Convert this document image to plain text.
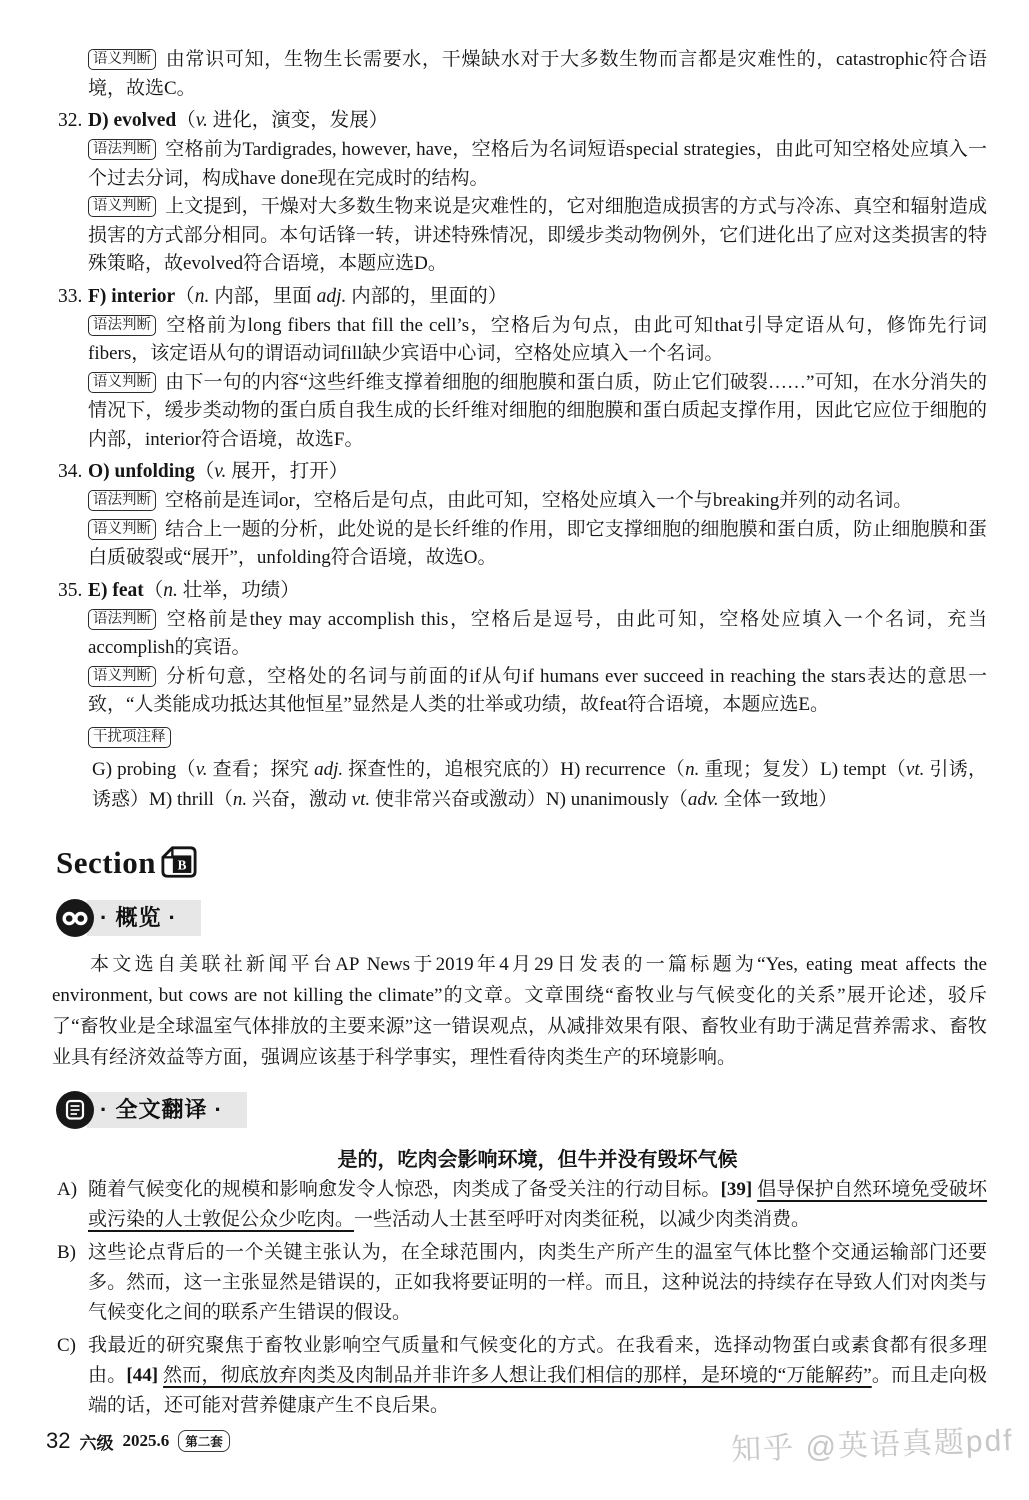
语义判断 由常识可知，生物生长需要水，干燥缺水对于大多数生物而言都是灾难性的，catastrophic符合语境，故选C。

32. D) evolved（v. 进化，演变，发展）

语法判断 空格前为Tardigrades, however, have，空格后为名词短语special strategies，由此可知空格处应填入一个过去分词，构成have done现在完成时的结构。

语义判断 上文提到，干燥对大多数生物来说是灾难性的，它对细胞造成损害的方式与冷冻、真空和辐射造成损害的方式部分相同。本句话锋一转，讲述特殊情况，即缓步类动物例外，它们进化出了应对这类损害的特殊策略，故evolved符合语境，本题应选D。

33. F) interior（n. 内部，里面 adj. 内部的，里面的）

语法判断 空格前为long fibers that fill the cell’s，空格后为句点，由此可知that引导定语从句，修饰先行词fibers，该定语从句的谓语动词fill缺少宾语中心词，空格处应填入一个名词。

语义判断 由下一句的内容“这些纤维支撑着细胞的细胞膜和蛋白质，防止它们破裂……”可知，在水分消失的情况下，缓步类动物的蛋白质自我生成的长纤维对细胞的细胞膜和蛋白质起支撑作用，因此它应位于细胞的内部，interior符合语境，故选F。

34. O) unfolding（v. 展开，打开）

语法判断 空格前是连词or，空格后是句点，由此可知，空格处应填入一个与breaking并列的动名词。

语义判断 结合上一题的分析，此处说的是长纤维的作用，即它支撑细胞的细胞膜和蛋白质，防止细胞膜和蛋白质破裂或“展开”，unfolding符合语境，故选O。

35. E) feat（n. 壮举，功绩）

语法判断 空格前是they may accomplish this，空格后是逗号，由此可知，空格处应填入一个名词，充当accomplish的宾语。

语义判断 分析句意，空格处的名词与前面的if从句if humans ever succeed in reaching the stars表达的意思一致，“人类能成功抵达其他恒星”显然是人类的壮举或功绩，故feat符合语境，本题应选E。

干扰项注释

G) probing（v. 查看；探究 adj. 探查性的，追根究底的）H) recurrence（n. 重现；复发）L) tempt（vt. 引诱，诱惑）M) thrill（n. 兴奋，激动 vt. 使非常兴奋或激动）N) unanimously（adv. 全体一致地）

Section B
· 概览 ·

本文选自美联社新闻平台AP News于2019年4月29日发表的一篇标题为“Yes, eating meat affects the environment, but cows are not killing the climate”的文章。文章围绕“畜牧业与气候变化的关系”展开论述，驳斥了“畜牧业是全球温室气体排放的主要来源”这一错误观点，从减排效果有限、畜牧业有助于满足营养需求、畜牧业具有经济效益等方面，强调应该基于科学事实，理性看待肉类生产的环境影响。

· 全文翻译 ·
是的，吃肉会影响环境，但牛并没有毁坏气候

A) 随着气候变化的规模和影响愈发令人惊恐，肉类成了备受关注的行动目标。[39] 倡导保护自然环境免受破坏或污染的人士敦促公众少吃肉。一些活动人士甚至呼吁对肉类征税，以减少肉类消费。

B) 这些论点背后的一个关键主张认为，在全球范围内，肉类生产所产生的温室气体比整个交通运输部门还要多。然而，这一主张显然是错误的，正如我将要证明的一样。而且，这种说法的持续存在导致人们对肉类与气候变化之间的联系产生错误的假设。

C) 我最近的研究聚焦于畜牧业影响空气质量和气候变化的方式。在我看来，选择动物蛋白或素食都有很多理由。[44] 然而，彻底放弃肉类及肉制品并非许多人想让我们相信的那样，是环境的“万能解药”。而且走向极端的话，还可能对营养健康产生不良后果。

32 六级 2025.6	第二套	知乎 @英语真题pdf
